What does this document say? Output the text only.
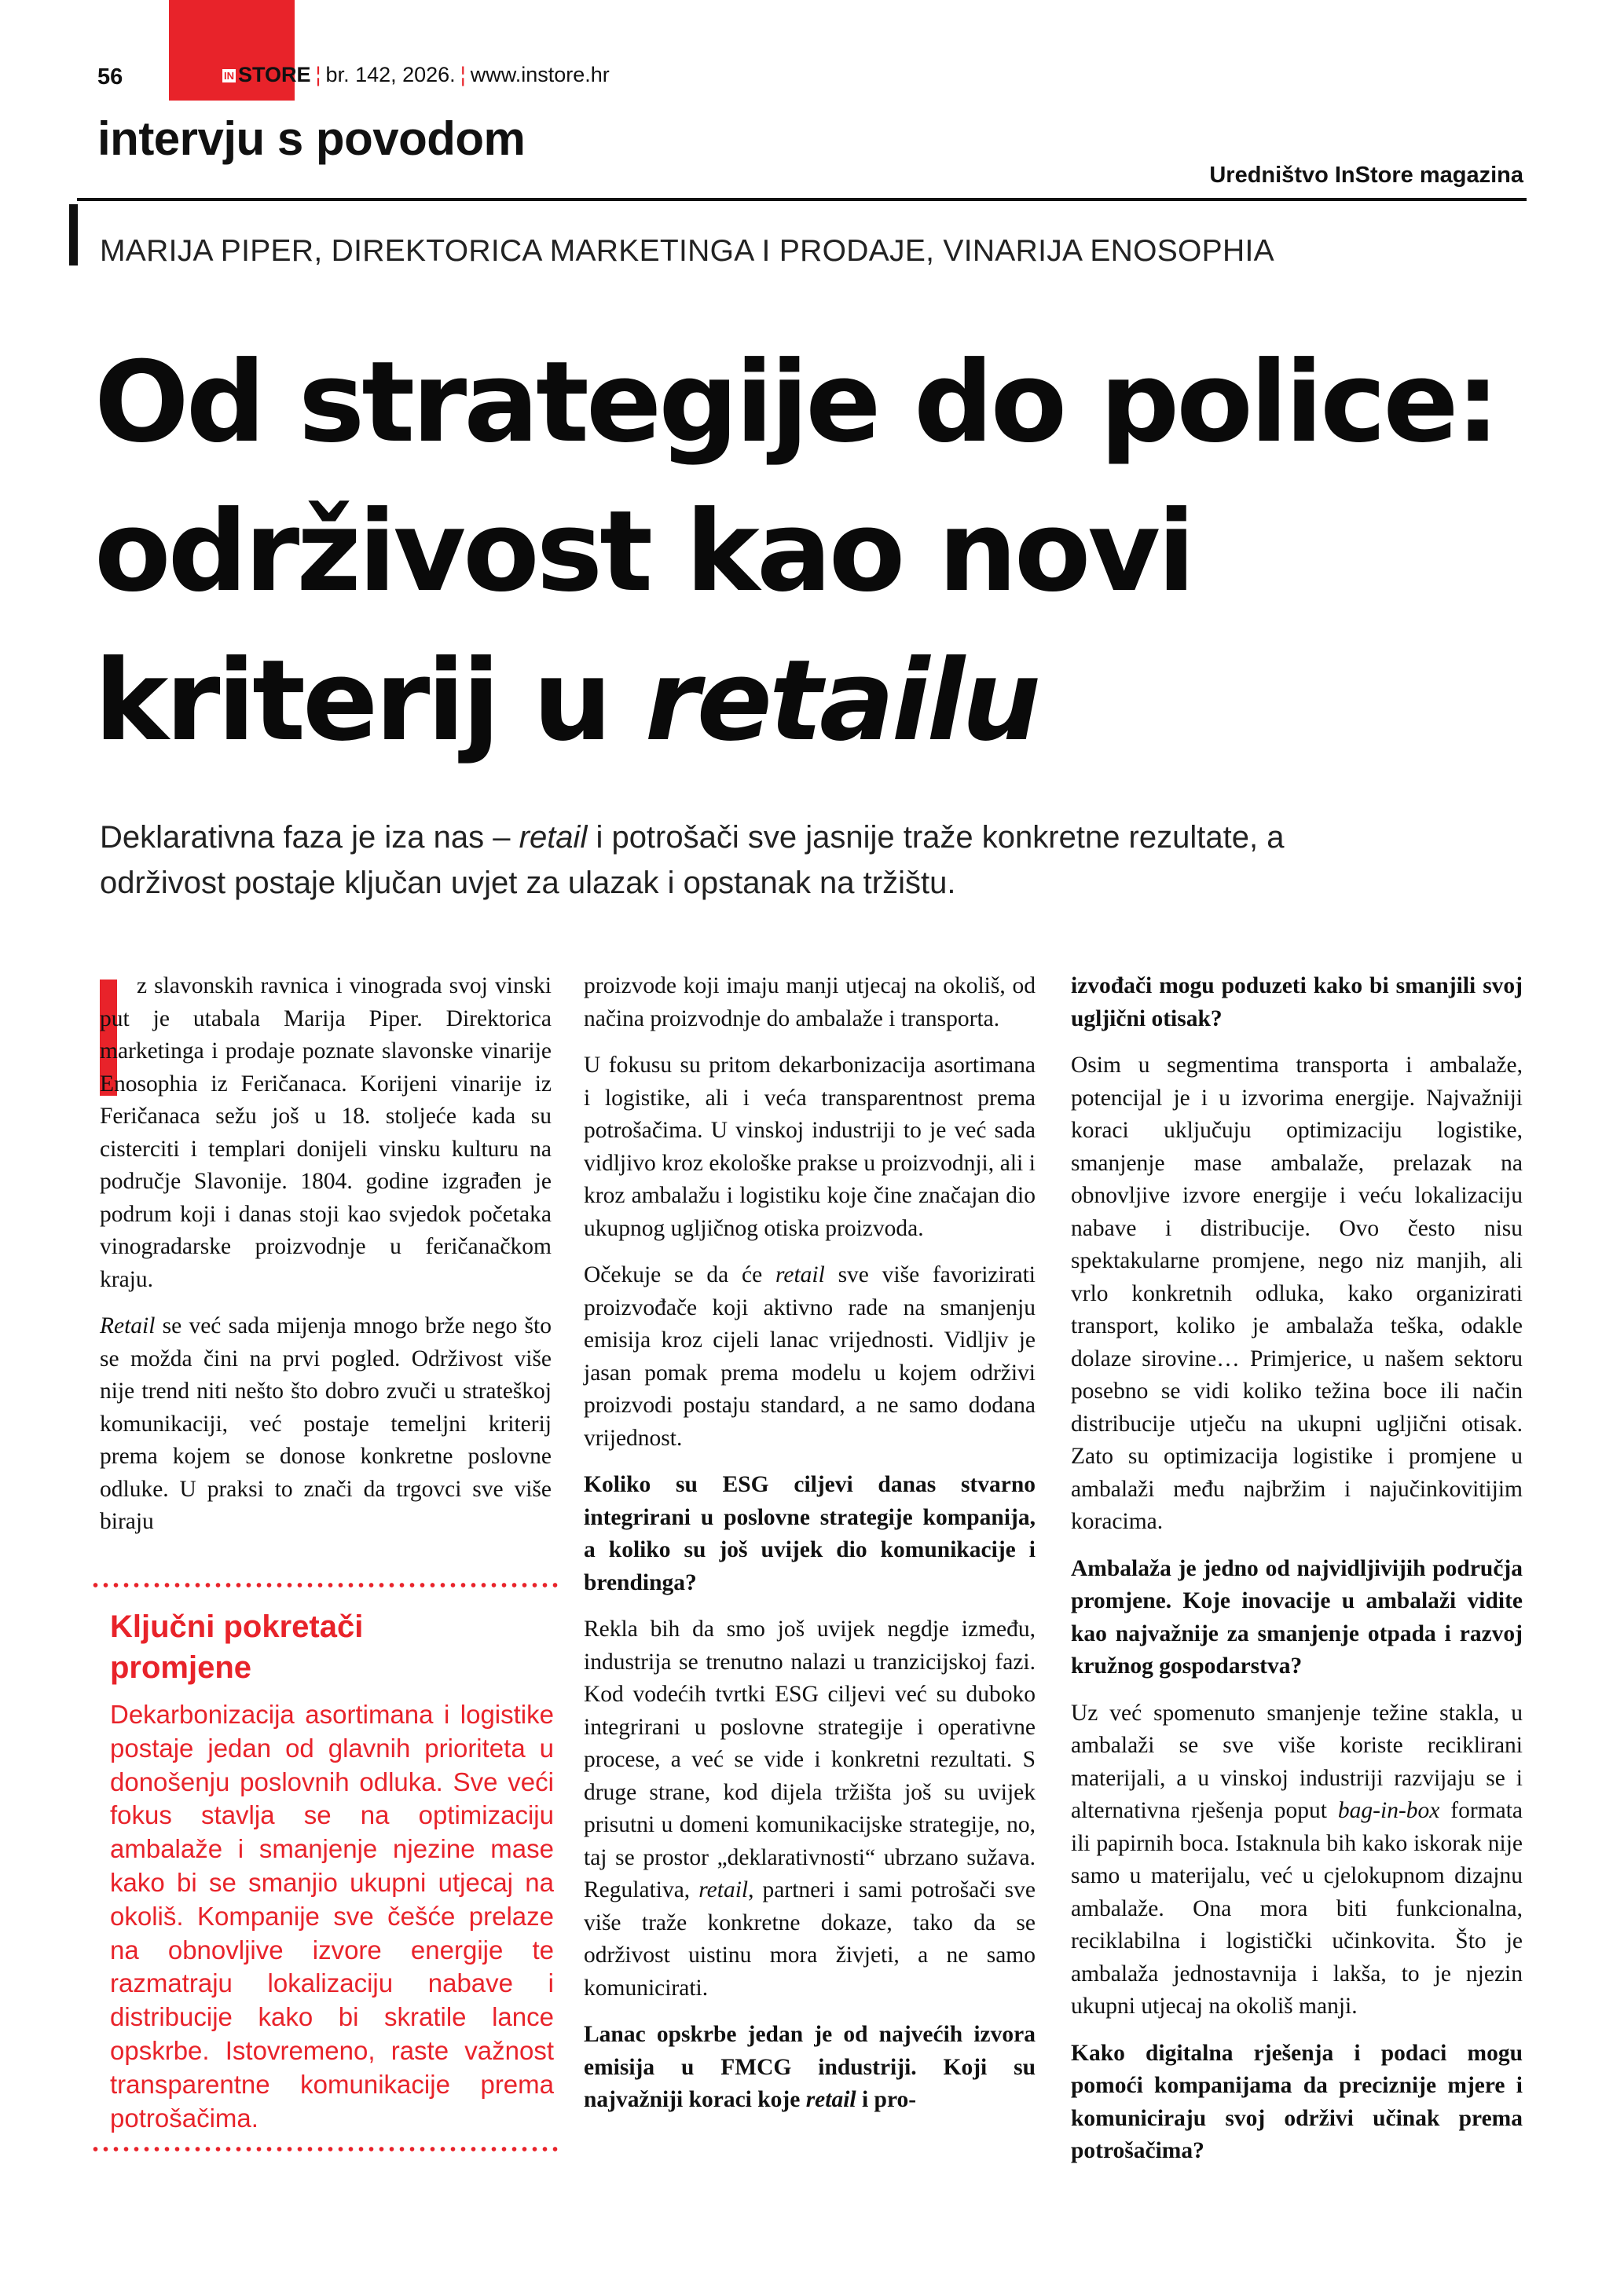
56	IN STORE ¦ br. 142, 2026. ¦ www.instore.hr
intervju s povodom
Uredništvo InStore magazina
MARIJA PIPER, DIREKTORICA MARKETINGA I PRODAJE, VINARIJA ENOSOPHIA
Od strategije do police:
održivost kao novi
kriterij u retailu

Deklarativna faza je iza nas – retail i potrošači sve jasnije traže konkretne rezultate, a

održivost postaje ključan uvjet za ulazak i opstanak na tržištu.

z slavonskih ravnica i vinograda svoj vinski put je utabala Marija Piper. Direktorica marketinga i prodaje poznate slavonske vinarije Enosophia iz Feričanaca. Korijeni vinarije iz Feričanaca sežu još u 18. stoljeće kada su cisterciti i templari donijeli vinsku kulturu na područje Slavonije. 1804. godine izgrađen je podrum koji i danas stoji kao svjedok početaka vinogradarske proizvodnje u feričanačkom kraju.

Retail se već sada mijenja mnogo brže nego što se možda čini na prvi pogled. Održivost više nije trend niti nešto što dobro zvuči u strateškoj komunikaciji, već postaje temeljni kriterij prema kojem se donose konkretne poslovne odluke. U praksi to znači da trgovci sve više biraju

Ključni pokretači
promjene
Dekarbonizacija asortimana i logistike postaje jedan od glavnih prioriteta u donošenju poslovnih odluka. Sve veći fokus stavlja se na optimizaciju ambalaže i smanjenje njezine mase kako bi se smanjio ukupni utjecaj na okoliš. Kompanije sve češće prelaze na obnovljive izvore energije te razmatraju lokalizaciju nabave i distribucije kako bi skratile lance opskrbe. Istovremeno, raste važnost transparentne komunikacije prema potrošačima.

proizvode koji imaju manji utjecaj na okoliš, od načina proizvodnje do ambalaže i transporta.

U fokusu su pritom dekarbonizacija asortimana i logistike, ali i veća transparentnost prema potrošačima. U vinskoj industriji to je već sada vidljivo kroz ekološke prakse u proizvodnji, ali i kroz ambalažu i logistiku koje čine značajan dio ukupnog ugljičnog otiska proizvoda.

Očekuje se da će retail sve više favorizirati proizvođače koji aktivno rade na smanjenju emisija kroz cijeli lanac vrijednosti. Vidljiv je jasan pomak prema modelu u kojem održivi proizvodi postaju standard, a ne samo dodana vrijednost.

Koliko su ESG ciljevi danas stvarno integrirani u poslovne strategije kompanija, a koliko su još uvijek dio komunikacije i brendinga?

Rekla bih da smo još uvijek negdje između, industrija se trenutno nalazi u tranzicijskoj fazi. Kod vodećih tvrtki ESG ciljevi već su duboko integrirani u poslovne strategije i operativne procese, a već se vide i konkretni rezultati. S druge strane, kod dijela tržišta još su uvijek prisutni u domeni komunikacijske strategije, no, taj se prostor „deklarativnosti“ ubrzano sužava. Regulativa, retail, partneri i sami potrošači sve više traže konkretne dokaze, tako da se održivost uistinu mora živjeti, a ne samo komunicirati.

Lanac opskrbe jedan je od najvećih izvora emisija u FMCG industriji. Koji su najvažniji koraci koje retail i pro-

izvođači mogu poduzeti kako bi smanjili svoj ugljični otisak?

Osim u segmentima transporta i ambalaže, potencijal je i u izvorima energije. Najvažniji koraci uključuju optimizaciju logistike, smanjenje mase ambalaže, prelazak na obnovljive izvore energije i veću lokalizaciju nabave i distribucije. Ovo često nisu spektakularne promjene, nego niz manjih, ali vrlo konkretnih odluka, kako organizirati transport, koliko je ambalaža teška, odakle dolaze sirovine… Primjerice, u našem sektoru posebno se vidi koliko težina boce ili način distribucije utječu na ukupni ugljični otisak. Zato su optimizacija logistike i promjene u ambalaži među najbržim i najučinkovitijim koracima.

Ambalaža je jedno od najvidljivijih područja promjene. Koje inovacije u ambalaži vidite kao najvažnije za smanjenje otpada i razvoj kružnog gospodarstva?

Uz već spomenuto smanjenje težine stakla, u ambalaži se sve više koriste reciklirani materijali, a u vinskoj industriji razvijaju se i alternativna rješenja poput bag-in-box formata ili papirnih boca. Istaknula bih kako iskorak nije samo u materijalu, već u cjelokupnom dizajnu ambalaže. Ona mora biti funkcionalna, reciklabilna i logistički učinkovita. Što je ambalaža jednostavnija i lakša, to je njezin ukupni utjecaj na okoliš manji.

Kako digitalna rješenja i podaci mogu pomoći kompanijama da preciznije mjere i komuniciraju svoj održivi učinak prema potrošačima?
